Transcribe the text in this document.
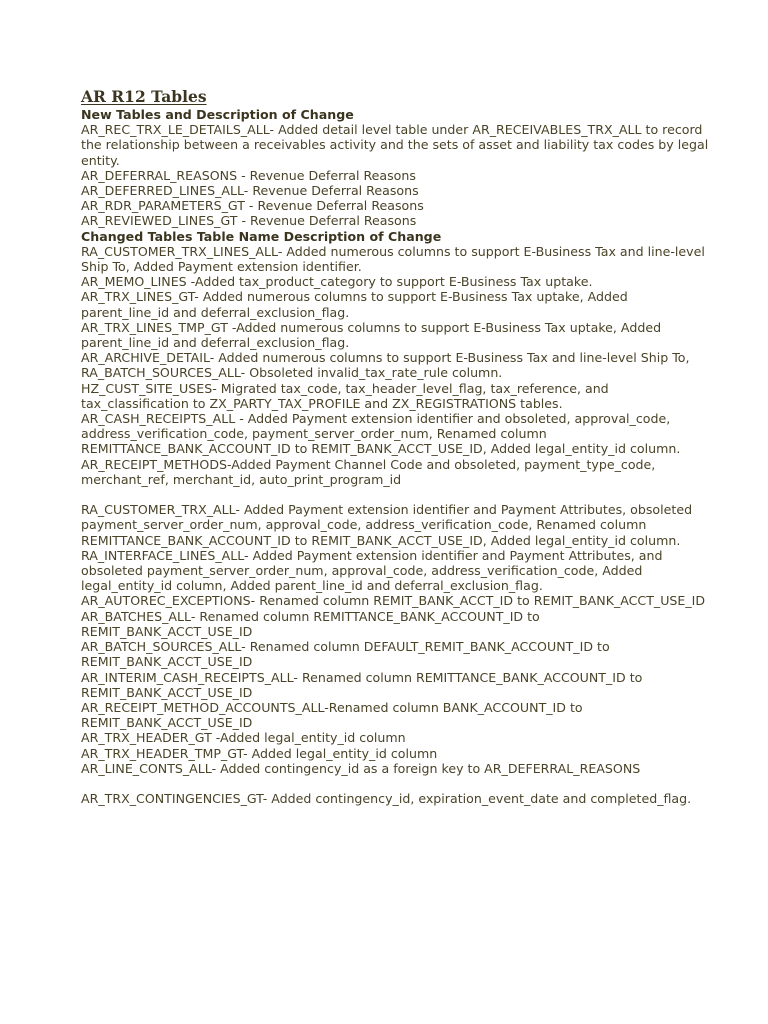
AR R12 Tables
New Tables and Description of Change
AR_REC_TRX_LE_DETAILS_ALL- Added detail level table under AR_RECEIVABLES_TRX_ALL to record the relationship between a receivables activity and the sets of asset and liability tax codes by legal entity.
AR_DEFERRAL_REASONS - Revenue Deferral Reasons
AR_DEFERRED_LINES_ALL- Revenue Deferral Reasons
AR_RDR_PARAMETERS_GT - Revenue Deferral Reasons
AR_REVIEWED_LINES_GT - Revenue Deferral Reasons
Changed Tables Table Name Description of Change
RA_CUSTOMER_TRX_LINES_ALL- Added numerous columns to support E-Business Tax and line-level Ship To, Added Payment extension identifier.
AR_MEMO_LINES -Added tax_product_category to support E-Business Tax uptake.
AR_TRX_LINES_GT- Added numerous columns to support E-Business Tax uptake, Added parent_line_id and deferral_exclusion_flag.
AR_TRX_LINES_TMP_GT -Added numerous columns to support E-Business Tax uptake, Added parent_line_id and deferral_exclusion_flag.
AR_ARCHIVE_DETAIL- Added numerous columns to support E-Business Tax and line-level Ship To,
RA_BATCH_SOURCES_ALL- Obsoleted invalid_tax_rate_rule column.
HZ_CUST_SITE_USES- Migrated tax_code, tax_header_level_flag, tax_reference, and tax_classification to ZX_PARTY_TAX_PROFILE and ZX_REGISTRATIONS tables.
AR_CASH_RECEIPTS_ALL - Added Payment extension identifier and obsoleted, approval_code, address_verification_code, payment_server_order_num, Renamed column REMITTANCE_BANK_ACCOUNT_ID to REMIT_BANK_ACCT_USE_ID, Added legal_entity_id column.
AR_RECEIPT_METHODS-Added Payment Channel Code and obsoleted, payment_type_code, merchant_ref, merchant_id, auto_print_program_id
RA_CUSTOMER_TRX_ALL- Added Payment extension identifier and Payment Attributes, obsoleted payment_server_order_num, approval_code, address_verification_code, Renamed column REMITTANCE_BANK_ACCOUNT_ID to REMIT_BANK_ACCT_USE_ID, Added legal_entity_id column.
RA_INTERFACE_LINES_ALL- Added Payment extension identifier and Payment Attributes, and obsoleted payment_server_order_num, approval_code, address_verification_code, Added legal_entity_id column, Added parent_line_id and deferral_exclusion_flag.
AR_AUTOREC_EXCEPTIONS- Renamed column REMIT_BANK_ACCT_ID to REMIT_BANK_ACCT_USE_ID
AR_BATCHES_ALL- Renamed column REMITTANCE_BANK_ACCOUNT_ID to REMIT_BANK_ACCT_USE_ID
AR_BATCH_SOURCES_ALL- Renamed column DEFAULT_REMIT_BANK_ACCOUNT_ID to REMIT_BANK_ACCT_USE_ID
AR_INTERIM_CASH_RECEIPTS_ALL- Renamed column REMITTANCE_BANK_ACCOUNT_ID to REMIT_BANK_ACCT_USE_ID
AR_RECEIPT_METHOD_ACCOUNTS_ALL-Renamed column BANK_ACCOUNT_ID to REMIT_BANK_ACCT_USE_ID
AR_TRX_HEADER_GT -Added legal_entity_id column
AR_TRX_HEADER_TMP_GT- Added legal_entity_id column
AR_LINE_CONTS_ALL- Added contingency_id as a foreign key to AR_DEFERRAL_REASONS
AR_TRX_CONTINGENCIES_GT- Added contingency_id, expiration_event_date and completed_flag.
